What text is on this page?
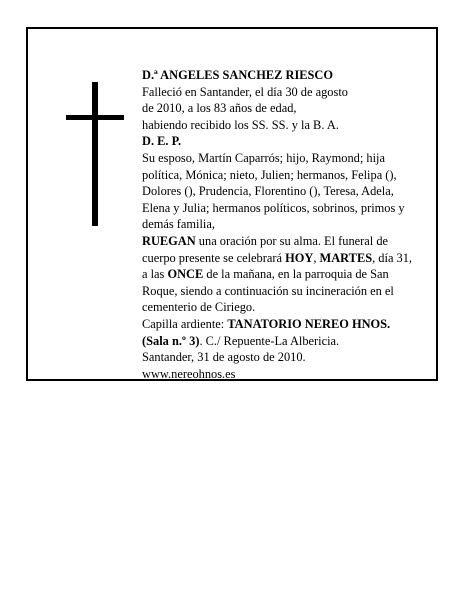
D.ª ANGELES SANCHEZ RIESCO
Falleció en Santander, el día 30 de agosto
de 2010, a los 83 años de edad,
habiendo recibido los SS. SS. y la B. A.
D. E. P.
Su esposo, Martín Caparrós; hijo, Raymond; hija
política, Mónica; nieto, Julien; hermanos, Felipa (),
Dolores (), Prudencia, Florentino (), Teresa, Adela,
Elena y Julia; hermanos políticos, sobrinos, primos y
demás familia,
RUEGAN una oración por su alma. El funeral de
cuerpo presente se celebrará HOY, MARTES, día 31,
a las ONCE de la mañana, en la parroquia de San
Roque, siendo a continuación su incineración en el
cementerio de Ciriego.
Capilla ardiente: TANATORIO NEREO HNOS.
(Sala n.º 3). C./ Repuente-La Albericia.
Santander, 31 de agosto de 2010.
www.nereohnos.es
